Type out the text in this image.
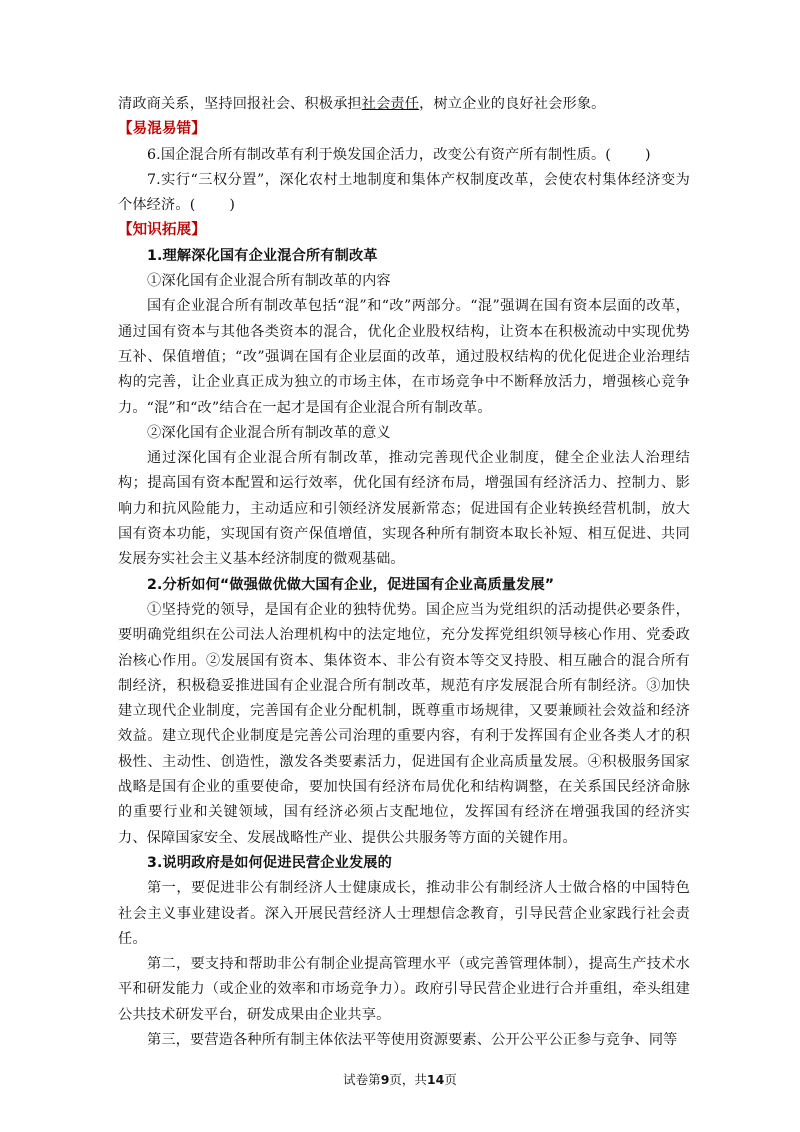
清政商关系，坚持回报社会、积极承担社会责任，树立企业的良好社会形象。

【易混易错】

6.国企混合所有制改革有利于焕发国企活力，改变公有资产所有制性质。( )

7.实行“三权分置”，深化农村土地制度和集体产权制度改革，会使农村集体经济变为个体经济。( )

【知识拓展】

1.理解深化国有企业混合所有制改革

①深化国有企业混合所有制改革的内容

国有企业混合所有制改革包括“混”和“改”两部分。“混”强调在国有资本层面的改革，通过国有资本与其他各类资本的混合，优化企业股权结构，让资本在积极流动中实现优势互补、保值增值；“改”强调在国有企业层面的改革，通过股权结构的优化促进企业治理结构的完善，让企业真正成为独立的市场主体，在市场竞争中不断释放活力，增强核心竞争力。“混”和“改”结合在一起才是国有企业混合所有制改革。

②深化国有企业混合所有制改革的意义

通过深化国有企业混合所有制改革，推动完善现代企业制度，健全企业法人治理结构；提高国有资本配置和运行效率，优化国有经济布局，增强国有经济活力、控制力、影响力和抗风险能力，主动适应和引领经济发展新常态；促进国有企业转换经营机制，放大国有资本功能，实现国有资产保值增值，实现各种所有制资本取长补短、相互促进、共同发展夯实社会主义基本经济制度的微观基础。

2.分析如何“做强做优做大国有企业，促进国有企业高质量发展”

①坚持党的领导，是国有企业的独特优势。国企应当为党组织的活动提供必要条件，要明确党组织在公司法人治理机构中的法定地位，充分发挥党组织领导核心作用、党委政治核心作用。②发展国有资本、集体资本、非公有资本等交叉持股、相互融合的混合所有制经济，积极稳妥推进国有企业混合所有制改革，规范有序发展混合所有制经济。③加快建立现代企业制度，完善国有企业分配机制，既尊重市场规律，又要兼顾社会效益和经济效益。建立现代企业制度是完善公司治理的重要内容，有利于发挥国有企业各类人才的积极性、主动性、创造性，激发各类要素活力，促进国有企业高质量发展。④积极服务国家战略是国有企业的重要使命，要加快国有经济布局优化和结构调整，在关系国民经济命脉的重要行业和关键领域，国有经济必须占支配地位，发挥国有经济在增强我国的经济实力、保障国家安全、发展战略性产业、提供公共服务等方面的关键作用。

3.说明政府是如何促进民营企业发展的

第一，要促进非公有制经济人士健康成长，推动非公有制经济人士做合格的中国特色社会主义事业建设者。深入开展民营经济人士理想信念教育，引导民营企业家践行社会责任。

第二，要支持和帮助非公有制企业提高管理水平（或完善管理体制），提高生产技术水平和研发能力（或企业的效率和市场竞争力）。政府引导民营企业进行合并重组，牵头组建公共技术研发平台，研发成果由企业共享。

第三，要营造各种所有制主体依法平等使用资源要素、公开公平公正参与竞争、同等

试卷第9页，共14页
